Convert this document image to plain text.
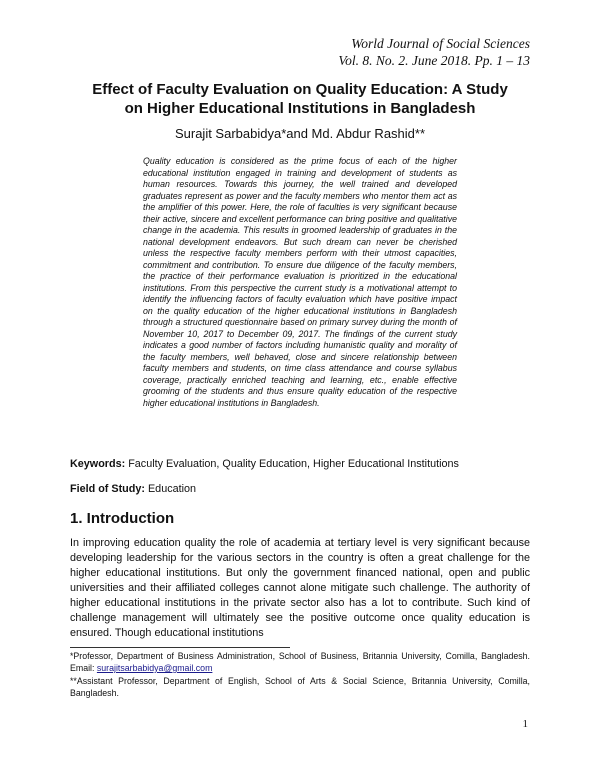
World Journal of Social Sciences
Vol. 8. No. 2. June 2018. Pp. 1 – 13
Effect of Faculty Evaluation on Quality Education: A Study
on Higher Educational Institutions in Bangladesh
Surajit Sarbabidya*and Md. Abdur Rashid**

Quality education is considered as the prime focus of each of the higher educational institution engaged in training and development of students as human resources. Towards this journey, the well trained and developed graduates represent as power and the faculty members who mentor them act as the amplifier of this power. Here, the role of faculties is very significant because their active, sincere and excellent performance can bring positive and qualitative change in the academia. This results in groomed leadership of graduates in the national development endeavors. But such dream can never be cherished unless the respective faculty members perform with their utmost capacities, commitment and contribution. To ensure due diligence of the faculty members, the practice of their performance evaluation is prioritized in the educational institutions. From this perspective the current study is a motivational attempt to identify the influencing factors of faculty evaluation which have positive impact on the quality education of the higher educational institutions in Bangladesh through a structured questionnaire based on primary survey during the month of November 10, 2017 to December 09, 2017. The findings of the current study indicates a good number of factors including humanistic quality and morality of the faculty members, well behaved, close and sincere relationship between faculty members and students, on time class attendance and course syllabus coverage, practically enriched teaching and learning, etc., enable effective grooming of the students and thus ensure quality education of the respective higher educational institutions in Bangladesh.

Keywords: Faculty Evaluation, Quality Education, Higher Educational Institutions

Field of Study: Education

1. Introduction

In improving education quality the role of academia at tertiary level is very significant because developing leadership for the various sectors in the country is often a great challenge for the higher educational institutions. But only the government financed national, open and public universities and their affiliated colleges cannot alone mitigate such challenge. The authority of higher educational institutions in the private sector also has a lot to contribute. Such kind of challenge management will ultimately see the positive outcome once quality education is ensured. Though educational institutions

*Professor, Department of Business Administration, School of Business, Britannia University, Comilla, Bangladesh. Email: surajitsarbabidya@gmail.com

**Assistant Professor, Department of English, School of Arts & Social Science, Britannia University, Comilla, Bangladesh.

1
